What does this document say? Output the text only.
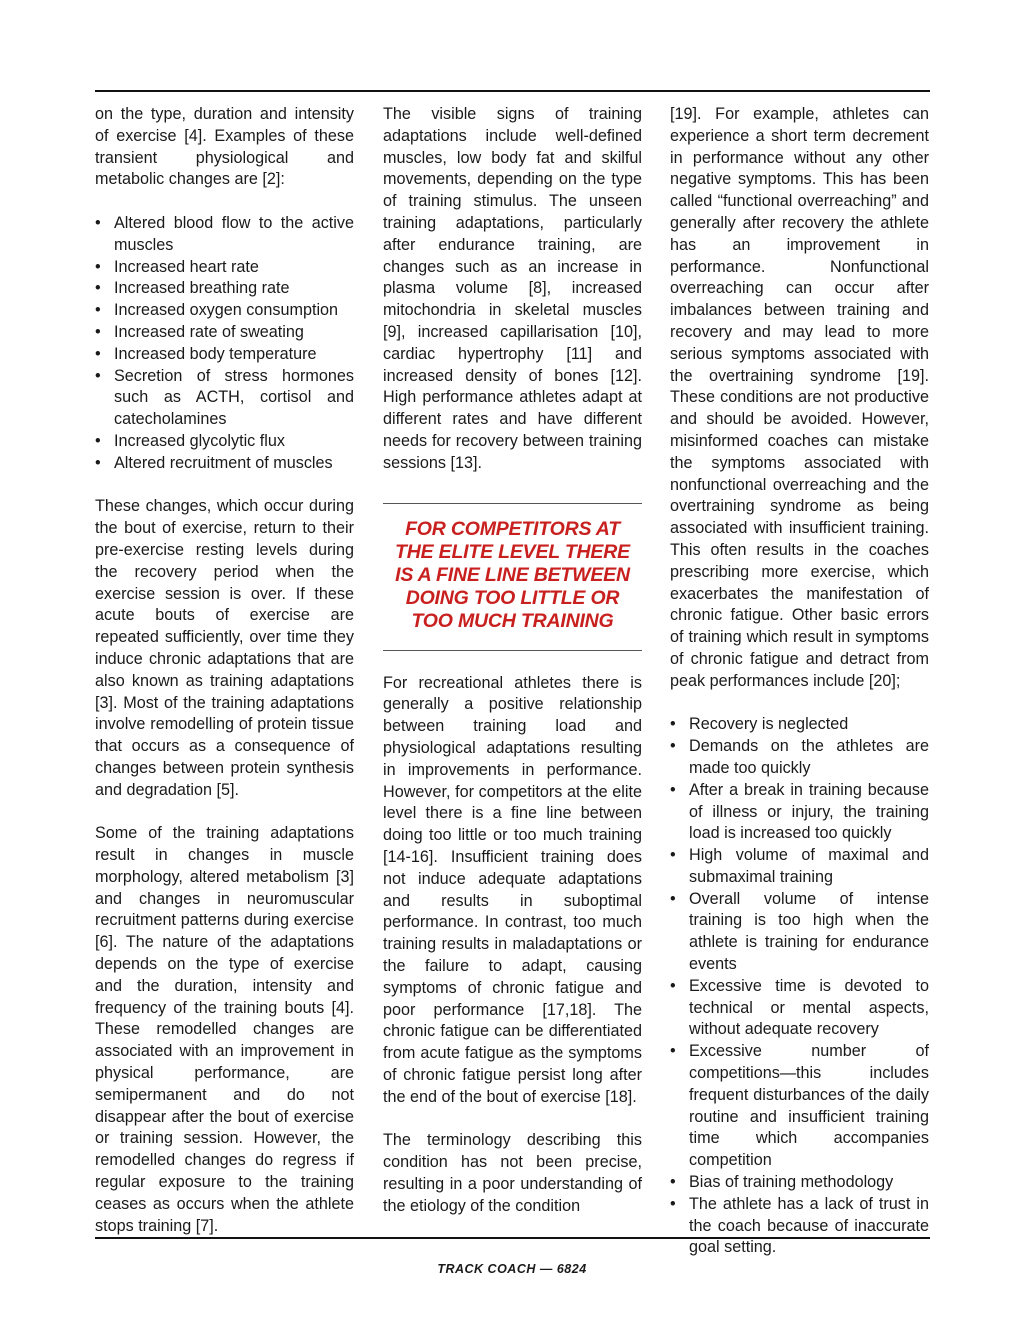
on the type, duration and intensity of exercise [4]. Examples of these transient physiological and metabolic changes are [2]:

• Altered blood flow to the active muscles
• Increased heart rate
• Increased breathing rate
• Increased oxygen consumption
• Increased rate of sweating
• Increased body temperature
• Secretion of stress hormones such as ACTH, cortisol and catecholamines
• Increased glycolytic flux
• Altered recruitment of muscles

These changes, which occur during the bout of exercise, return to their pre-exercise resting levels during the recovery period when the exercise session is over. If these acute bouts of exercise are repeated sufficiently, over time they induce chronic adaptations that are also known as training adaptations [3]. Most of the training adaptations involve remodelling of protein tissue that occurs as a consequence of changes between protein synthesis and degradation [5].

Some of the training adaptations result in changes in muscle morphology, altered metabolism [3] and changes in neuromuscular recruitment patterns during exercise [6]. The nature of the adaptations depends on the type of exercise and the duration, intensity and frequency of the training bouts [4]. These remodelled changes are associated with an improvement in physical performance, are semipermanent and do not disappear after the bout of exercise or training session. However, the remodelled changes do regress if regular exposure to the training ceases as occurs when the athlete stops training [7].

The visible signs of training adaptations include well-defined muscles, low body fat and skilful movements, depending on the type of training stimulus. The unseen training adaptations, particularly after endurance training, are changes such as an increase in plasma volume [8], increased mitochondria in skeletal muscles [9], increased capillarisation [10], cardiac hypertrophy [11] and increased density of bones [12]. High performance athletes adapt at different rates and have different needs for recovery between training sessions [13].

FOR COMPETITORS AT THE ELITE LEVEL THERE IS A FINE LINE BETWEEN DOING TOO LITTLE OR TOO MUCH TRAINING

For recreational athletes there is generally a positive relationship between training load and physiological adaptations resulting in improvements in performance. However, for competitors at the elite level there is a fine line between doing too little or too much training [14-16]. Insufficient training does not induce adequate adaptations and results in suboptimal performance. In contrast, too much training results in maladaptations or the failure to adapt, causing symptoms of chronic fatigue and poor performance [17,18]. The chronic fatigue can be differentiated from acute fatigue as the symptoms of chronic fatigue persist long after the end of the bout of exercise [18].

The terminology describing this condition has not been precise, resulting in a poor understanding of the etiology of the condition

[19]. For example, athletes can experience a short term decrement in performance without any other negative symptoms. This has been called “functional overreaching” and generally after recovery the athlete has an improvement in performance. Nonfunctional overreaching can occur after imbalances between training and recovery and may lead to more serious symptoms associated with the overtraining syndrome [19]. These conditions are not productive and should be avoided. However, misinformed coaches can mistake the symptoms associated with nonfunctional overreaching and the overtraining syndrome as being associated with insufficient training. This often results in the coaches prescribing more exercise, which exacerbates the manifestation of chronic fatigue. Other basic errors of training which result in symptoms of chronic fatigue and detract from peak performances include [20];

• Recovery is neglected
• Demands on the athletes are made too quickly
• After a break in training because of illness or injury, the training load is increased too quickly
• High volume of maximal and submaximal training
• Overall volume of intense training is too high when the athlete is training for endurance events
• Excessive time is devoted to technical or mental aspects, without adequate recovery
• Excessive number of competitions—this includes frequent disturbances of the daily routine and insufficient training time which accompanies competition
• Bias of training methodology
• The athlete has a lack of trust in the coach because of inaccurate goal setting.
TRACK COACH — 6824
